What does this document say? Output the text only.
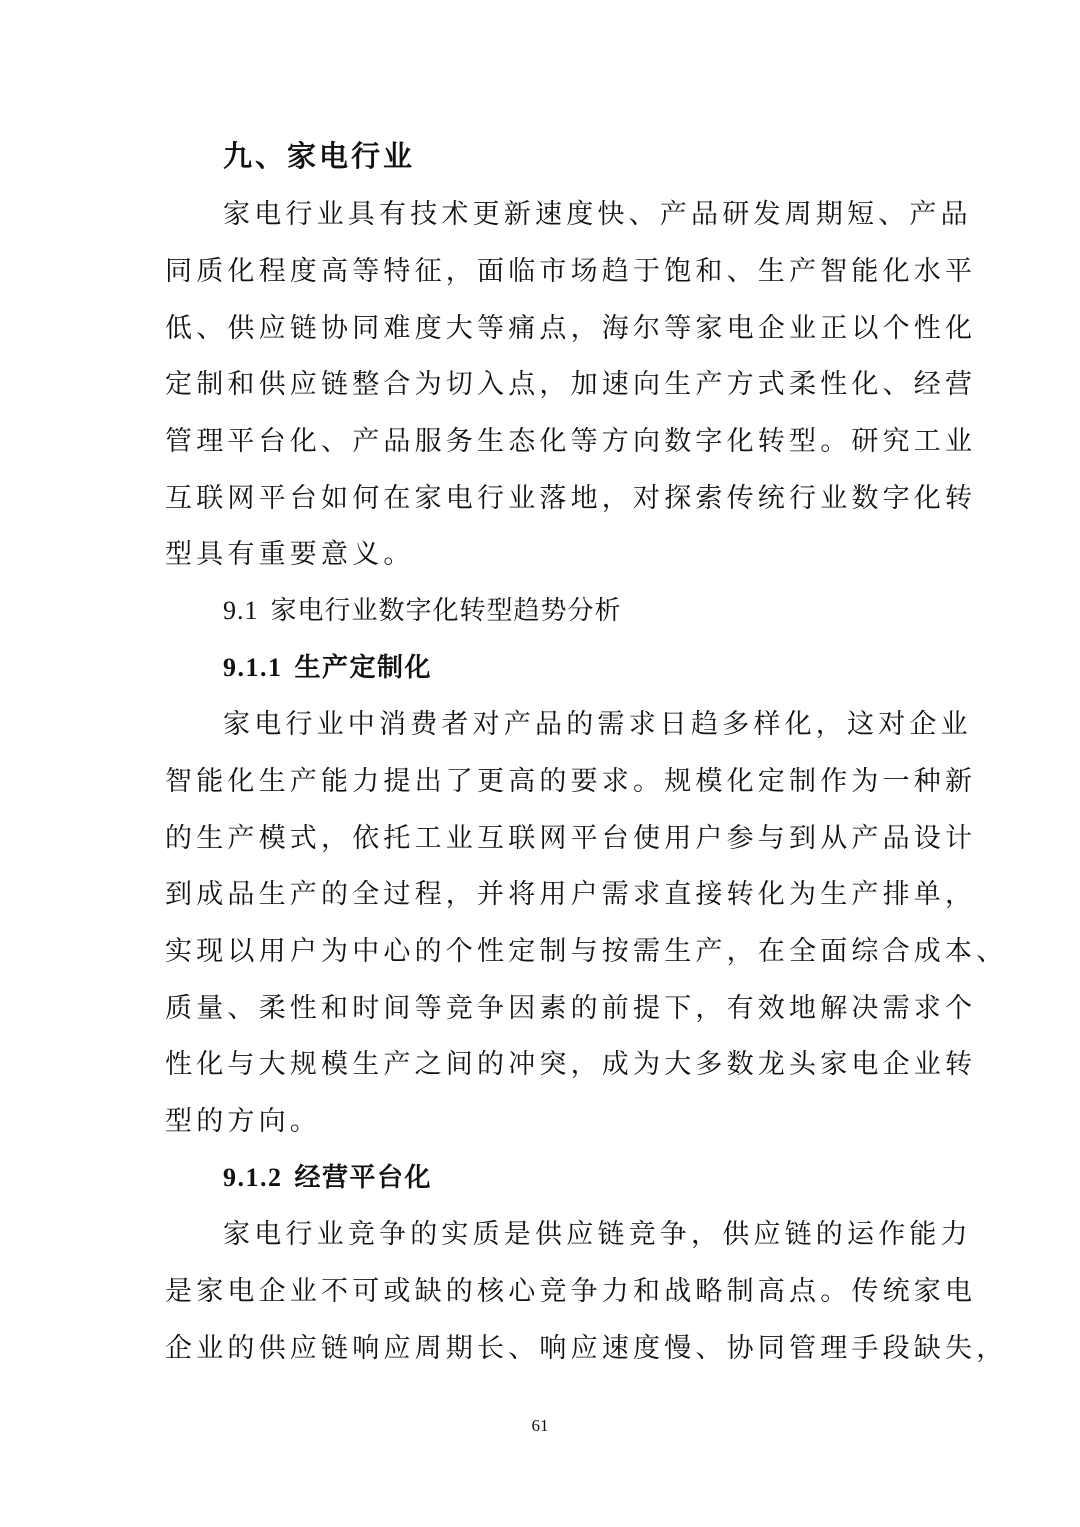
九、家电行业
家电行业具有技术更新速度快、产品研发周期短、产品
同质化程度高等特征，面临市场趋于饱和、生产智能化水平
低、供应链协同难度大等痛点，海尔等家电企业正以个性化
定制和供应链整合为切入点，加速向生产方式柔性化、经营
管理平台化、产品服务生态化等方向数字化转型。研究工业
互联网平台如何在家电行业落地，对探索传统行业数字化转
型具有重要意义。
9.1 家电行业数字化转型趋势分析
9.1.1 生产定制化
家电行业中消费者对产品的需求日趋多样化，这对企业
智能化生产能力提出了更高的要求。规模化定制作为一种新
的生产模式，依托工业互联网平台使用户参与到从产品设计
到成品生产的全过程，并将用户需求直接转化为生产排单，
实现以用户为中心的个性定制与按需生产，在全面综合成本、
质量、柔性和时间等竞争因素的前提下，有效地解决需求个
性化与大规模生产之间的冲突，成为大多数龙头家电企业转
型的方向。
9.1.2 经营平台化
家电行业竞争的实质是供应链竞争，供应链的运作能力
是家电企业不可或缺的核心竞争力和战略制高点。传统家电
企业的供应链响应周期长、响应速度慢、协同管理手段缺失，
61
